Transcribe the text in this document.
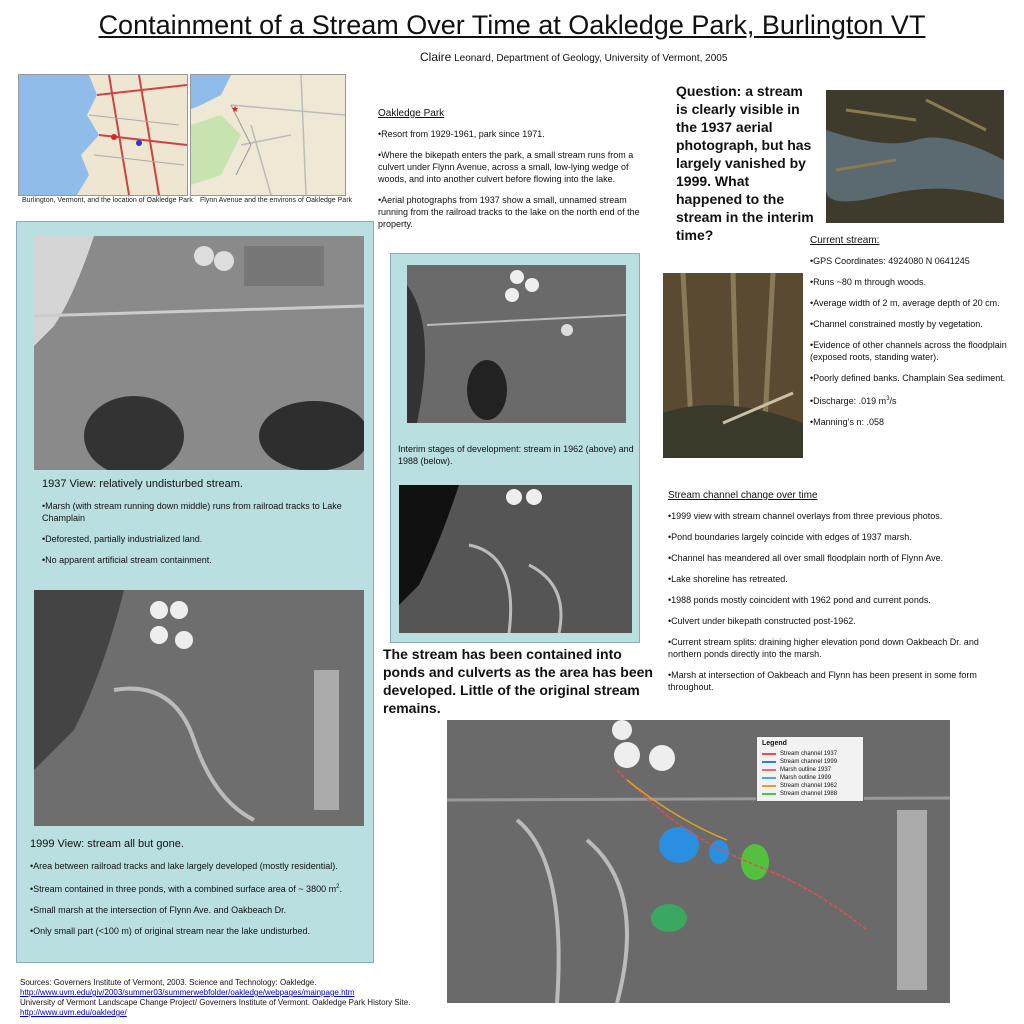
Containment of a Stream Over Time at Oakledge Park, Burlington VT
Claire Leonard, Department of Geology, University of Vermont, 2005
Burlington, Vermont, and the location of Oakledge Park
★
Flynn Avenue and the environs of Oakledge Park
Oakledge Park

•Resort from 1929-1961, park since 1971.

•Where the bikepath enters the park, a small stream runs from a culvert under Flynn Avenue, across a small, low-lying wedge of woods, and into another culvert before flowing into the lake.

•Aerial photographs from 1937 show a small, unnamed stream running from the railroad tracks to the lake on the north end of the property.

Question: a stream is clearly visible in the 1937 aerial photograph, but has largely vanished by 1999. What happened to the stream in the interim time?
1937 View: relatively undisturbed stream.

•Marsh (with stream running down middle) runs from railroad tracks to Lake Champlain

•Deforested, partially industrialized land.

•No apparent artificial stream containment.

1999 View: stream all but gone.

•Area between railroad tracks and lake largely developed (mostly residential).

•Stream contained in three ponds, with a combined surface area of ~ 3800 $m^2$.

•Small marsh at the intersection of Flynn Ave. and Oakbeach Dr.

•Only small part (<100 m) of original stream near the lake undisturbed.

Interim stages of development: stream in 1962 (above) and 1988 (below).
The stream has been contained into ponds and culverts as the area has been developed. Little of the original stream remains.
Current stream:

•GPS Coordinates: 4924080 N 0641245

•Runs ~80 m through woods.

•Average width of 2 m, average depth of 20 cm.

•Channel constrained mostly by vegetation.

•Evidence of other channels across the floodplain (exposed roots, standing water).

•Poorly defined banks. Champlain Sea sediment.

•Discharge: .019 $m^3/s$

•Manning’s n: .058

Stream channel change over time

•1999 view with stream channel overlays from three previous photos.

•Pond boundaries largely coincide with edges of 1937 marsh.

•Channel has meandered all over small floodplain north of Flynn Ave.

•Lake shoreline has retreated.

•1988 ponds mostly coincident with 1962 pond and current ponds.

•Culvert under bikepath constructed post-1962.

•Current stream splits: draining higher elevation pond down Oakbeach Dr. and northern ponds directly into the marsh.

•Marsh at intersection of Oakbeach and Flynn has been present in some form throughout.

Legend
Stream channel 1937
Stream channel 1999
Marsh outline 1937
Marsh outline 1999
Stream channel 1962
Stream channel 1988
Sources: Governers Institute of Vermont, 2003. Science and Technology: Oakledge.
http://www.uvm.edu/giv/2003/summer03/summerwebfolder/oakledge/webpages/mainpage.htm
University of Vermont Landscape Change Project/ Governers Institute of Vermont. Oakledge Park History Site.
http://www.uvm.edu/oakledge/
